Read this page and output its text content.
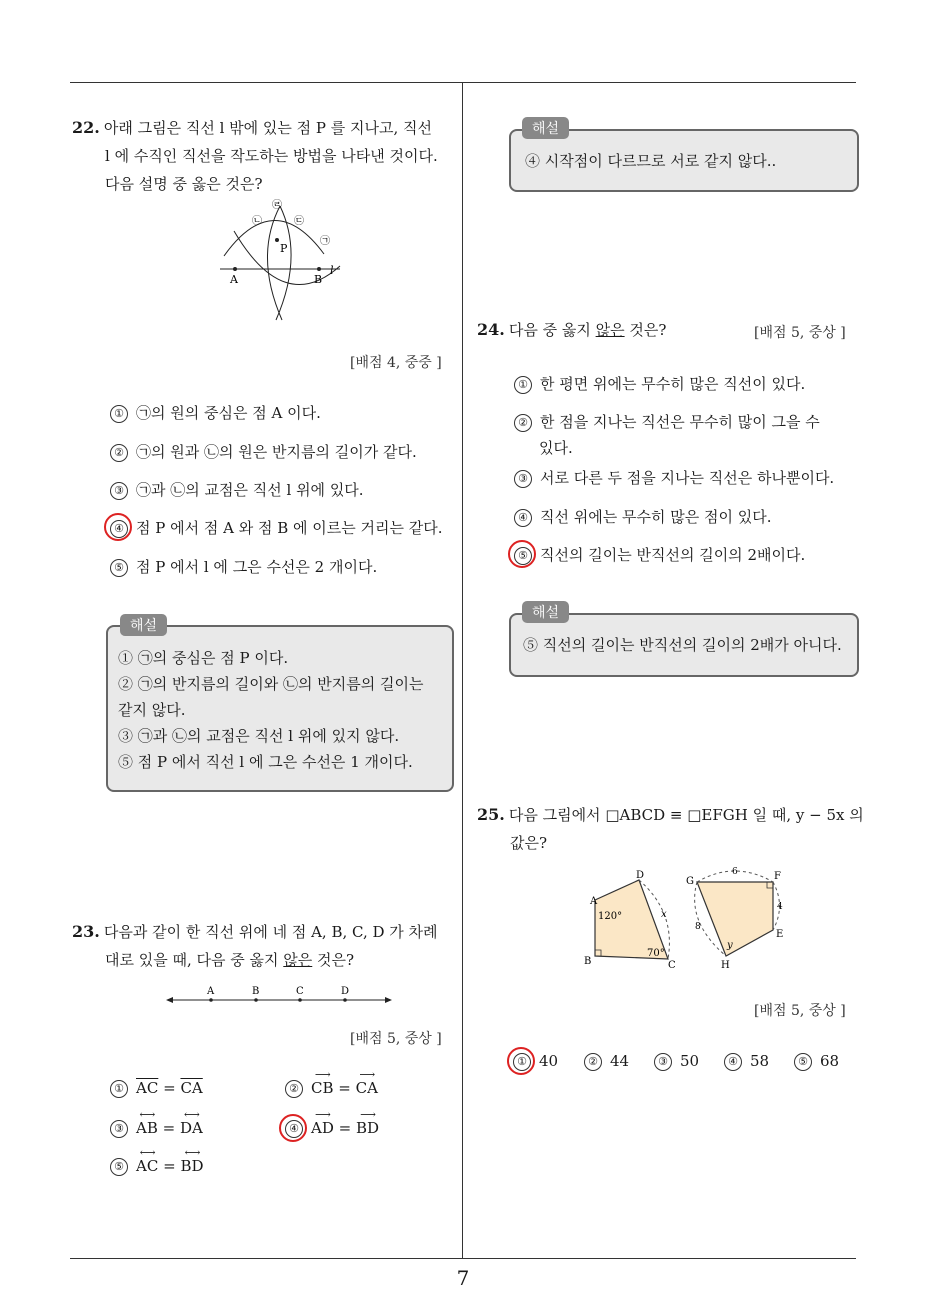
7
22. 아래 그림은 직선 l 밖에 있는 점 P 를 지나고, 직선
l 에 수직인 직선을 작도하는 방법을 나타낸 것이다.
다음 설명 중 옳은 것은?
A	B
P
l
㉠
㉡	㉢
㉣
[배점 4, 중중 ]
① ㉠의 원의 중심은 점 A 이다.
② ㉠의 원과 ㉡의 원은 반지름의 길이가 같다.
③ ㉠과 ㉡의 교점은 직선 l 위에 있다.
④ 점 P 에서 점 A 와 점 B 에 이르는 거리는 같다.
⑤ 점 P 에서 l 에 그은 수선은 2 개이다.
① ㉠의 중심은 점 P 이다.
② ㉠의 반지름의 길이와 ㉡의 반지름의 길이는
같지 않다.
③ ㉠과 ㉡의 교점은 직선 l 위에 있지 않다.
⑤ 점 P 에서 직선 l 에 그은 수선은 1 개이다.
해설
23. 다음과 같이 한 직선 위에 네 점 A, B, C, D 가 차례
대로 있을 때, 다음 중 옳지 않은 것은?
A	B	C	D
[배점 5, 중상 ]
① $\overline{AC} = \overline{CA}$	② ⟶ CB = ⟶ CA
③ ⟷ AB = ⟷ DA	④ ⟶ AD = ⟶ BD
⑤ ⟷ AC = ⟷ BD
④ 시작점이 다르므로 서로 같지 않다..
해설
24. 다음 중 옳지 않은 것은?	[배점 5, 중상 ]
① 한 평면 위에는 무수히 많은 직선이 있다.
② 한 점을 지나는 직선은 무수히 많이 그을 수
있다.
③ 서로 다른 두 점을 지나는 직선은 하나뿐이다.
④ 직선 위에는 무수히 많은 점이 있다.
⑤ 직선의 길이는 반직선의 길이의 2배이다.
⑤ 직선의 길이는 반직선의 길이의 2배가 아니다.
해설
25. 다음 그림에서 □ABCD ≡ □EFGH 일 때, y − 5x 의
값은?
A
B	C
D
120°
70°
x
G	F
E
H
6
4
8
y
[배점 5, 중상 ]
① 40	② 44	③ 50	④ 58	⑤ 68
